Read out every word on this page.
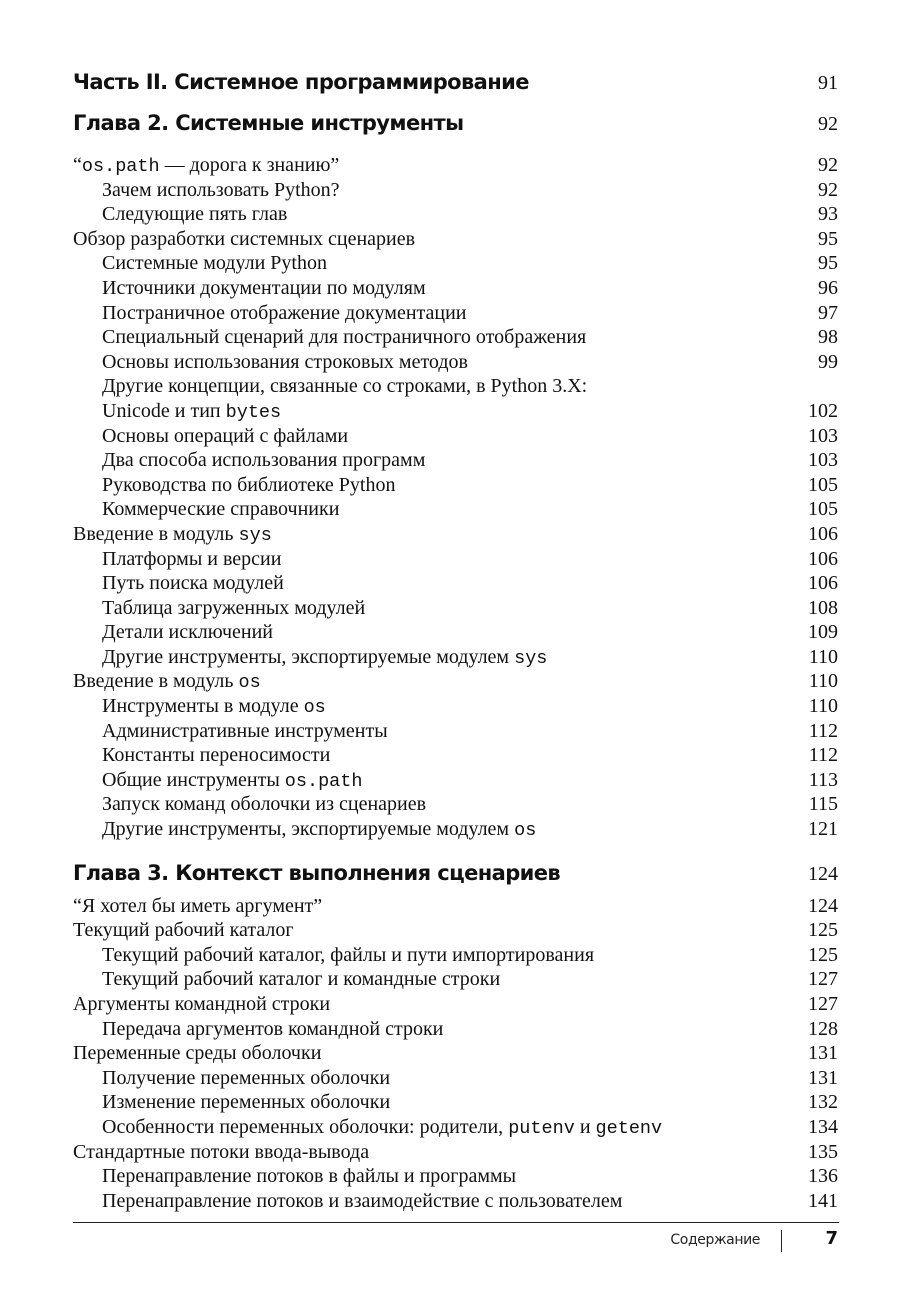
Часть II. Системное программирование	91
Глава 2. Системные инструменты	92
“os.path — дорога к знанию”	92
Зачем использовать Python?	92
Следующие пять глав	93
Обзор разработки системных сценариев	95
Системные модули Python	95
Источники документации по модулям	96
Постраничное отображение документации	97
Специальный сценарий для постраничного отображения	98
Основы использования строковых методов	99
Другие концепции, связанные со строками, в Python 3.X:
Unicode и тип bytes	102
Основы операций с файлами	103
Два способа использования программ	103
Руководства по библиотеке Python	105
Коммерческие справочники	105
Введение в модуль sys	106
Платформы и версии	106
Путь поиска модулей	106
Таблица загруженных модулей	108
Детали исключений	109
Другие инструменты, экспортируемые модулем sys	110
Введение в модуль os	110
Инструменты в модуле os	110
Административные инструменты	112
Константы переносимости	112
Общие инструменты os.path	113
Запуск команд оболочки из сценариев	115
Другие инструменты, экспортируемые модулем os	121
Глава 3. Контекст выполнения сценариев	124
“Я хотел бы иметь аргумент”	124
Текущий рабочий каталог	125
Текущий рабочий каталог, файлы и пути импортирования	125
Текущий рабочий каталог и командные строки	127
Аргументы командной строки	127
Передача аргументов командной строки	128
Переменные среды оболочки	131
Получение переменных оболочки	131
Изменение переменных оболочки	132
Особенности переменных оболочки: родители, putenv и getenv	134
Стандартные потоки ввода-вывода	135
Перенаправление потоков в файлы и программы	136
Перенаправление потоков и взаимодействие с пользователем	141
Содержание	7
